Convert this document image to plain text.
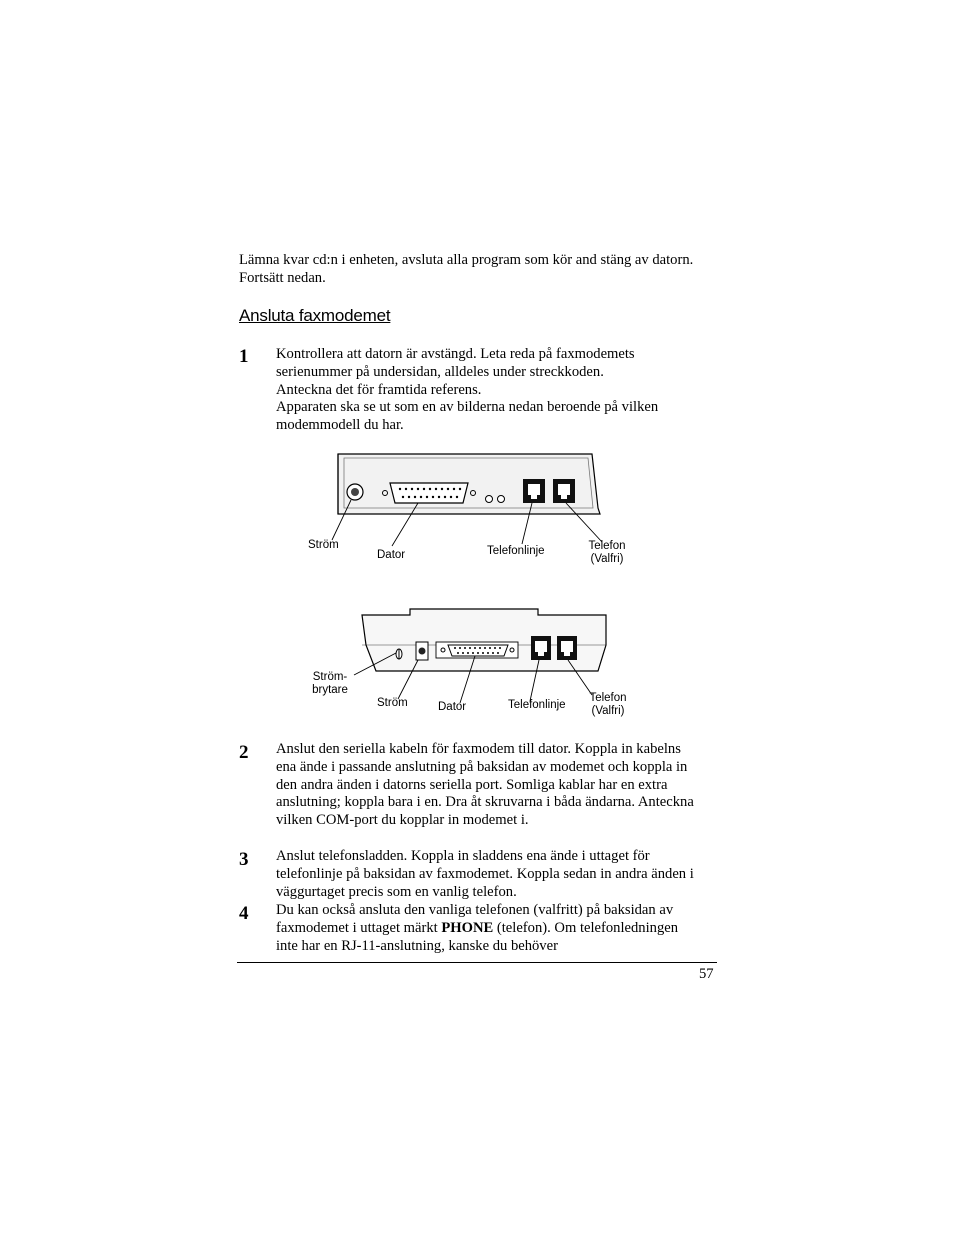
Lämna kvar cd:n i enheten, avsluta alla program som kör and stäng av datorn. Fortsätt nedan.
Ansluta faxmodemet
1 Kontrollera att datorn är avstängd. Leta reda på faxmodemets serienummer på undersidan, alldeles under streckkoden.
Anteckna det för framtida referens.
Apparaten ska se ut som en av bilderna nedan beroende på vilken modemmodell du har.
Ström
Dator	Telefonlinje	Telefon
(Valfri)
Ström-
brytare
Ström	Dator	Telefonlinje
Telefon
(Valfri)
2 Anslut den seriella kabeln för faxmodem till dator. Koppla in kabelns ena ände i passande anslutning på baksidan av modemet och koppla in den andra änden i datorns seriella port. Somliga kablar har en extra anslutning; koppla bara i en. Dra åt skruvarna i båda ändarna. Anteckna vilken COM-port du kopplar in modemet i.
3 Anslut telefonsladden. Koppla in sladdens ena ände i uttaget för telefonlinje på baksidan av faxmodemet. Koppla sedan in andra änden i väggurtaget precis som en vanlig telefon.
4 Du kan också ansluta den vanliga telefonen (valfritt) på baksidan av faxmodemet i uttaget märkt PHONE (telefon). Om telefonledningen inte har en RJ-11-anslutning, kanske du behöver
57
